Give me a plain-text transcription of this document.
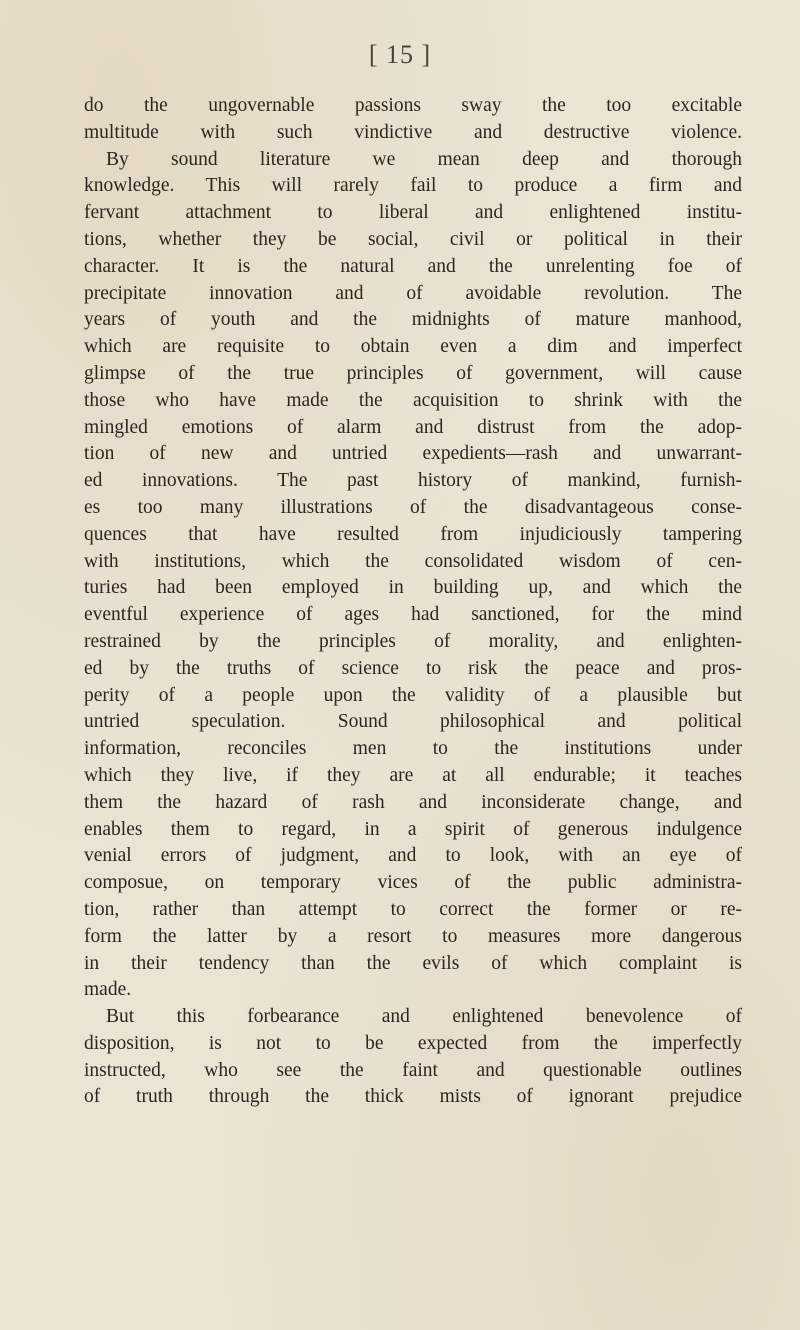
[ 15 ]
do the ungovernable passions sway the too excitable
multitude with such vindictive and destructive violence.
By sound literature we mean deep and thorough
knowledge. This will rarely fail to produce a firm and
fervant attachment to liberal and enlightened institu-
tions, whether they be social, civil or political in their
character. It is the natural and the unrelenting foe of
precipitate innovation and of avoidable revolution. The
years of youth and the midnights of mature manhood,
which are requisite to obtain even a dim and imperfect
glimpse of the true principles of government, will cause
those who have made the acquisition to shrink with the
mingled emotions of alarm and distrust from the adop-
tion of new and untried expedients—rash and unwarrant-
ed innovations. The past history of mankind, furnish-
es too many illustrations of the disadvantageous conse-
quences that have resulted from injudiciously tampering
with institutions, which the consolidated wisdom of cen-
turies had been employed in building up, and which the
eventful experience of ages had sanctioned, for the mind
restrained by the principles of morality, and enlighten-
ed by the truths of science to risk the peace and pros-
perity of a people upon the validity of a plausible but
untried speculation. Sound philosophical and political
information, reconciles men to the institutions under
which they live, if they are at all endurable; it teaches
them the hazard of rash and inconsiderate change, and
enables them to regard, in a spirit of generous indulgence
venial errors of judgment, and to look, with an eye of
composue, on temporary vices of the public administra-
tion, rather than attempt to correct the former or re-
form the latter by a resort to measures more dangerous
in their tendency than the evils of which complaint is
made.
But this forbearance and enlightened benevolence of
disposition, is not to be expected from the imperfectly
instructed, who see the faint and questionable outlines
of truth through the thick mists of ignorant prejudice
